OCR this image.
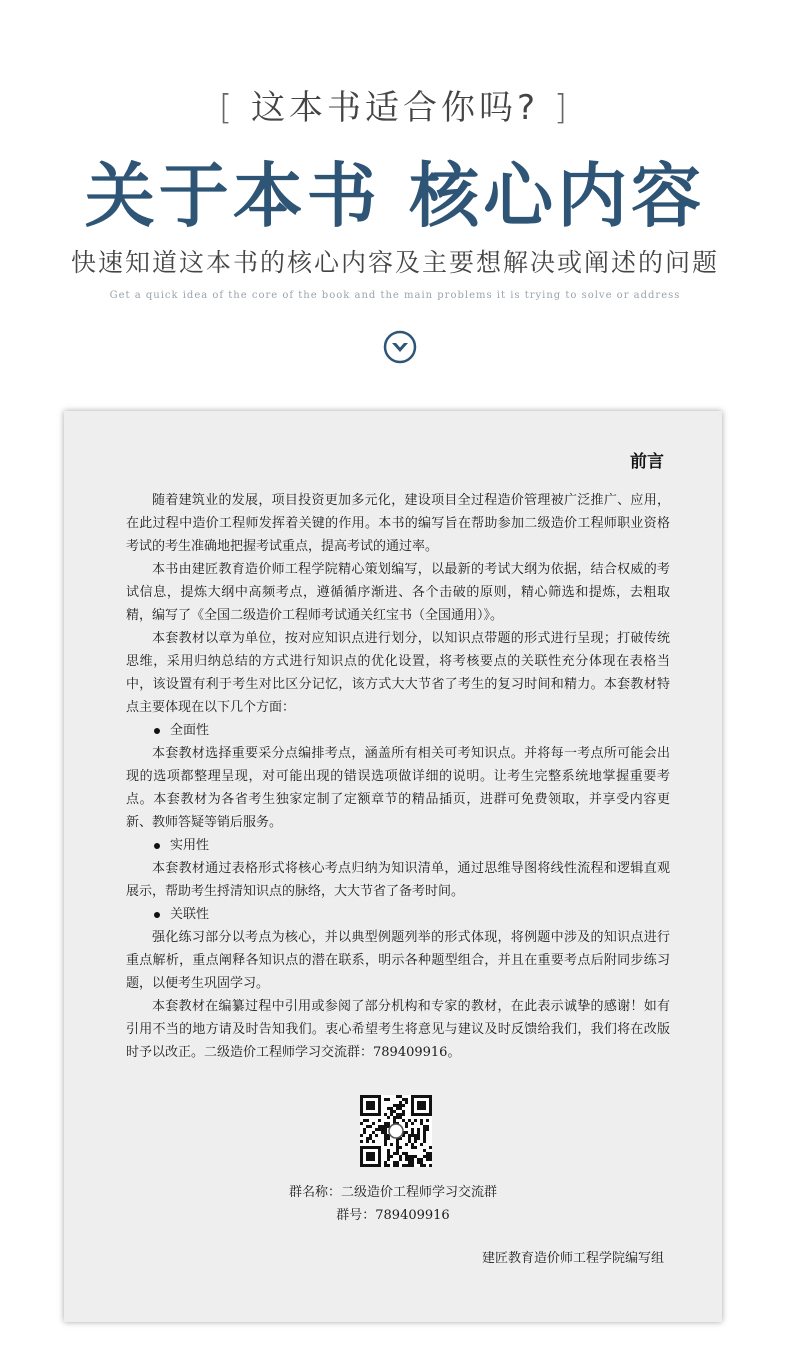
[ 这本书适合你吗? ]
关于本书 核心内容
快速知道这本书的核心内容及主要想解决或阐述的问题
Get a quick idea of the core of the book and the main problems it is trying to solve or address
前言

随着建筑业的发展，项目投资更加多元化，建设项目全过程造价管理被广泛推广、应用，在此过程中造价工程师发挥着关键的作用。本书的编写旨在帮助参加二级造价工程师职业资格考试的考生准确地把握考试重点，提高考试的通过率。

本书由建匠教育造价师工程学院精心策划编写，以最新的考试大纲为依据，结合权威的考试信息，提炼大纲中高频考点，遵循循序渐进、各个击破的原则，精心筛选和提炼，去粗取精，编写了《全国二级造价工程师考试通关红宝书（全国通用）》。

本套教材以章为单位，按对应知识点进行划分，以知识点带题的形式进行呈现；打破传统思维，采用归纳总结的方式进行知识点的优化设置，将考核要点的关联性充分体现在表格当中，该设置有利于考生对比区分记忆，该方式大大节省了考生的复习时间和精力。本套教材特点主要体现在以下几个方面：

全面性

本套教材选择重要采分点编排考点，涵盖所有相关可考知识点。并将每一考点所可能会出现的选项都整理呈现，对可能出现的错误选项做详细的说明。让考生完整系统地掌握重要考点。本套教材为各省考生独家定制了定额章节的精品插页，进群可免费领取，并享受内容更新、教师答疑等销后服务。

实用性

本套教材通过表格形式将核心考点归纳为知识清单，通过思维导图将线性流程和逻辑直观展示，帮助考生捋清知识点的脉络，大大节省了备考时间。

关联性

强化练习部分以考点为核心，并以典型例题列举的形式体现，将例题中涉及的知识点进行重点解析，重点阐释各知识点的潜在联系，明示各种题型组合，并且在重要考点后附同步练习题，以便考生巩固学习。

本套教材在编纂过程中引用或参阅了部分机构和专家的教材，在此表示诚挚的感谢！如有引用不当的地方请及时告知我们。衷心希望考生将意见与建议及时反馈给我们，我们将在改版时予以改正。二级造价工程师学习交流群：789409916。

群名称：二级造价工程师学习交流群
群号：789409916
建匠教育造价师工程学院编写组
